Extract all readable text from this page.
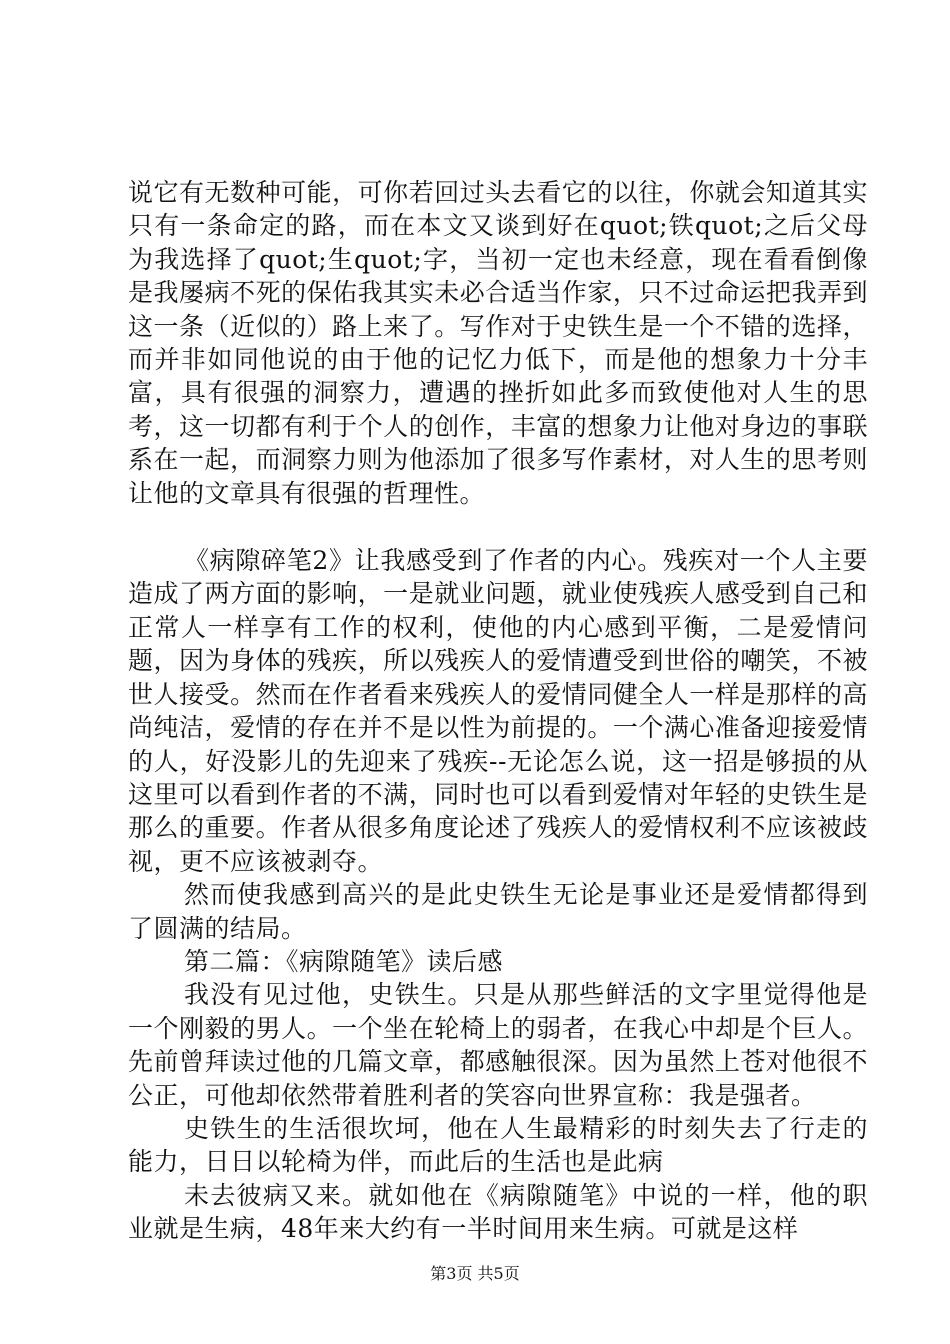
说它有无数种可能，可你若回过头去看它的以往，你就会知道其实只有一条命定的路，而在本文又谈到好在quot;铁quot;之后父母为我选择了quot;生quot;字，当初一定也未经意，现在看看倒像是我屡病不死的保佑我其实未必合适当作家，只不过命运把我弄到这一条（近似的）路上来了。写作对于史铁生是一个不错的选择，而并非如同他说的由于他的记忆力低下，而是他的想象力十分丰富，具有很强的洞察力，遭遇的挫折如此多而致使他对人生的思考，这一切都有利于个人的创作，丰富的想象力让他对身边的事联系在一起，而洞察力则为他添加了很多写作素材，对人生的思考则让他的文章具有很强的哲理性。

《病隙碎笔2》让我感受到了作者的内心。残疾对一个人主要造成了两方面的影响，一是就业问题，就业使残疾人感受到自己和正常人一样享有工作的权利，使他的内心感到平衡，二是爱情问题，因为身体的残疾，所以残疾人的爱情遭受到世俗的嘲笑，不被世人接受。然而在作者看来残疾人的爱情同健全人一样是那样的高尚纯洁，爱情的存在并不是以性为前提的。一个满心准备迎接爱情的人，好没影儿的先迎来了残疾--无论怎么说，这一招是够损的从这里可以看到作者的不满，同时也可以看到爱情对年轻的史铁生是那么的重要。作者从很多角度论述了残疾人的爱情权利不应该被歧视，更不应该被剥夺。

然而使我感到高兴的是此史铁生无论是事业还是爱情都得到了圆满的结局。

第二篇：《病隙随笔》读后感

我没有见过他，史铁生。只是从那些鲜活的文字里觉得他是一个刚毅的男人。一个坐在轮椅上的弱者，在我心中却是个巨人。先前曾拜读过他的几篇文章，都感触很深。因为虽然上苍对他很不公正，可他却依然带着胜利者的笑容向世界宣称：我是强者。

史铁生的生活很坎坷，他在人生最精彩的时刻失去了行走的能力，日日以轮椅为伴，而此后的生活也是此病

未去彼病又来。就如他在《病隙随笔》中说的一样，他的职业就是生病，48年来大约有一半时间用来生病。可就是这样

第3页 共5页
